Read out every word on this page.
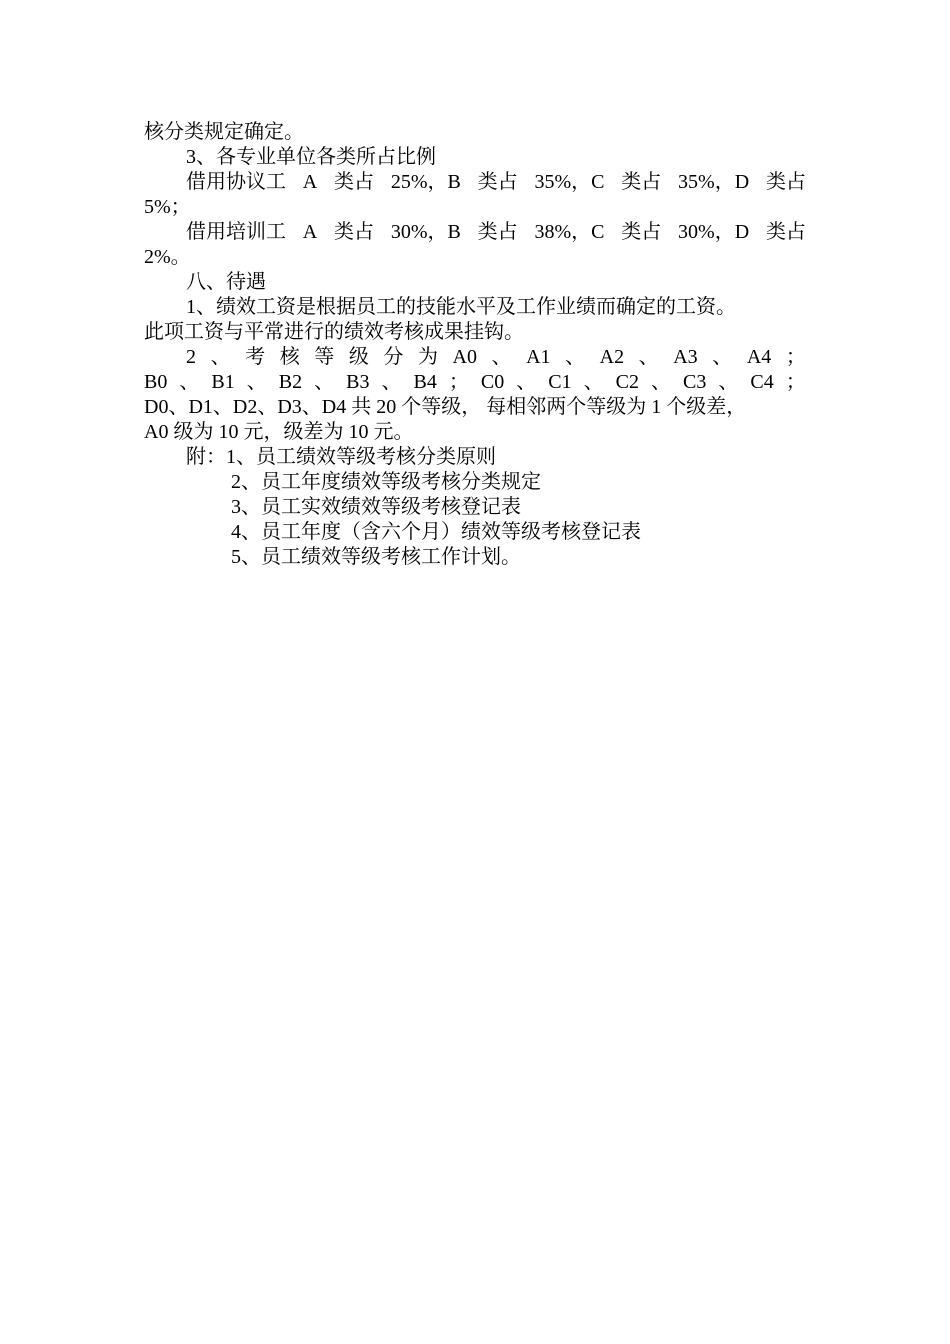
核分类规定确定。
3、各专业单位各类所占比例
借用协议工 A 类占 25%，B 类占 35%，C 类占 35%，D 类占
5%；
借用培训工 A 类占 30%，B 类占 38%，C 类占 30%，D 类占
2%。
八、待遇
1、绩效工资是根据员工的技能水平及工作业绩而确定的工资。
此项工资与平常进行的绩效考核成果挂钩。
2 、 考 核 等 级 分 为 A0 、 A1 、 A2 、 A3 、 A4 ；
B0 、 B1 、 B2 、 B3 、 B4 ； C0 、 C1 、 C2 、 C3 、 C4 ；
D0、D1、D2、D3、D4 共 20 个等级， 每相邻两个等级为 1 个级差，
A0 级为 10 元，级差为 10 元。
附：1、员工绩效等级考核分类原则
2、员工年度绩效等级考核分类规定
3、员工实效绩效等级考核登记表
4、员工年度（含六个月）绩效等级考核登记表
5、员工绩效等级考核工作计划。
